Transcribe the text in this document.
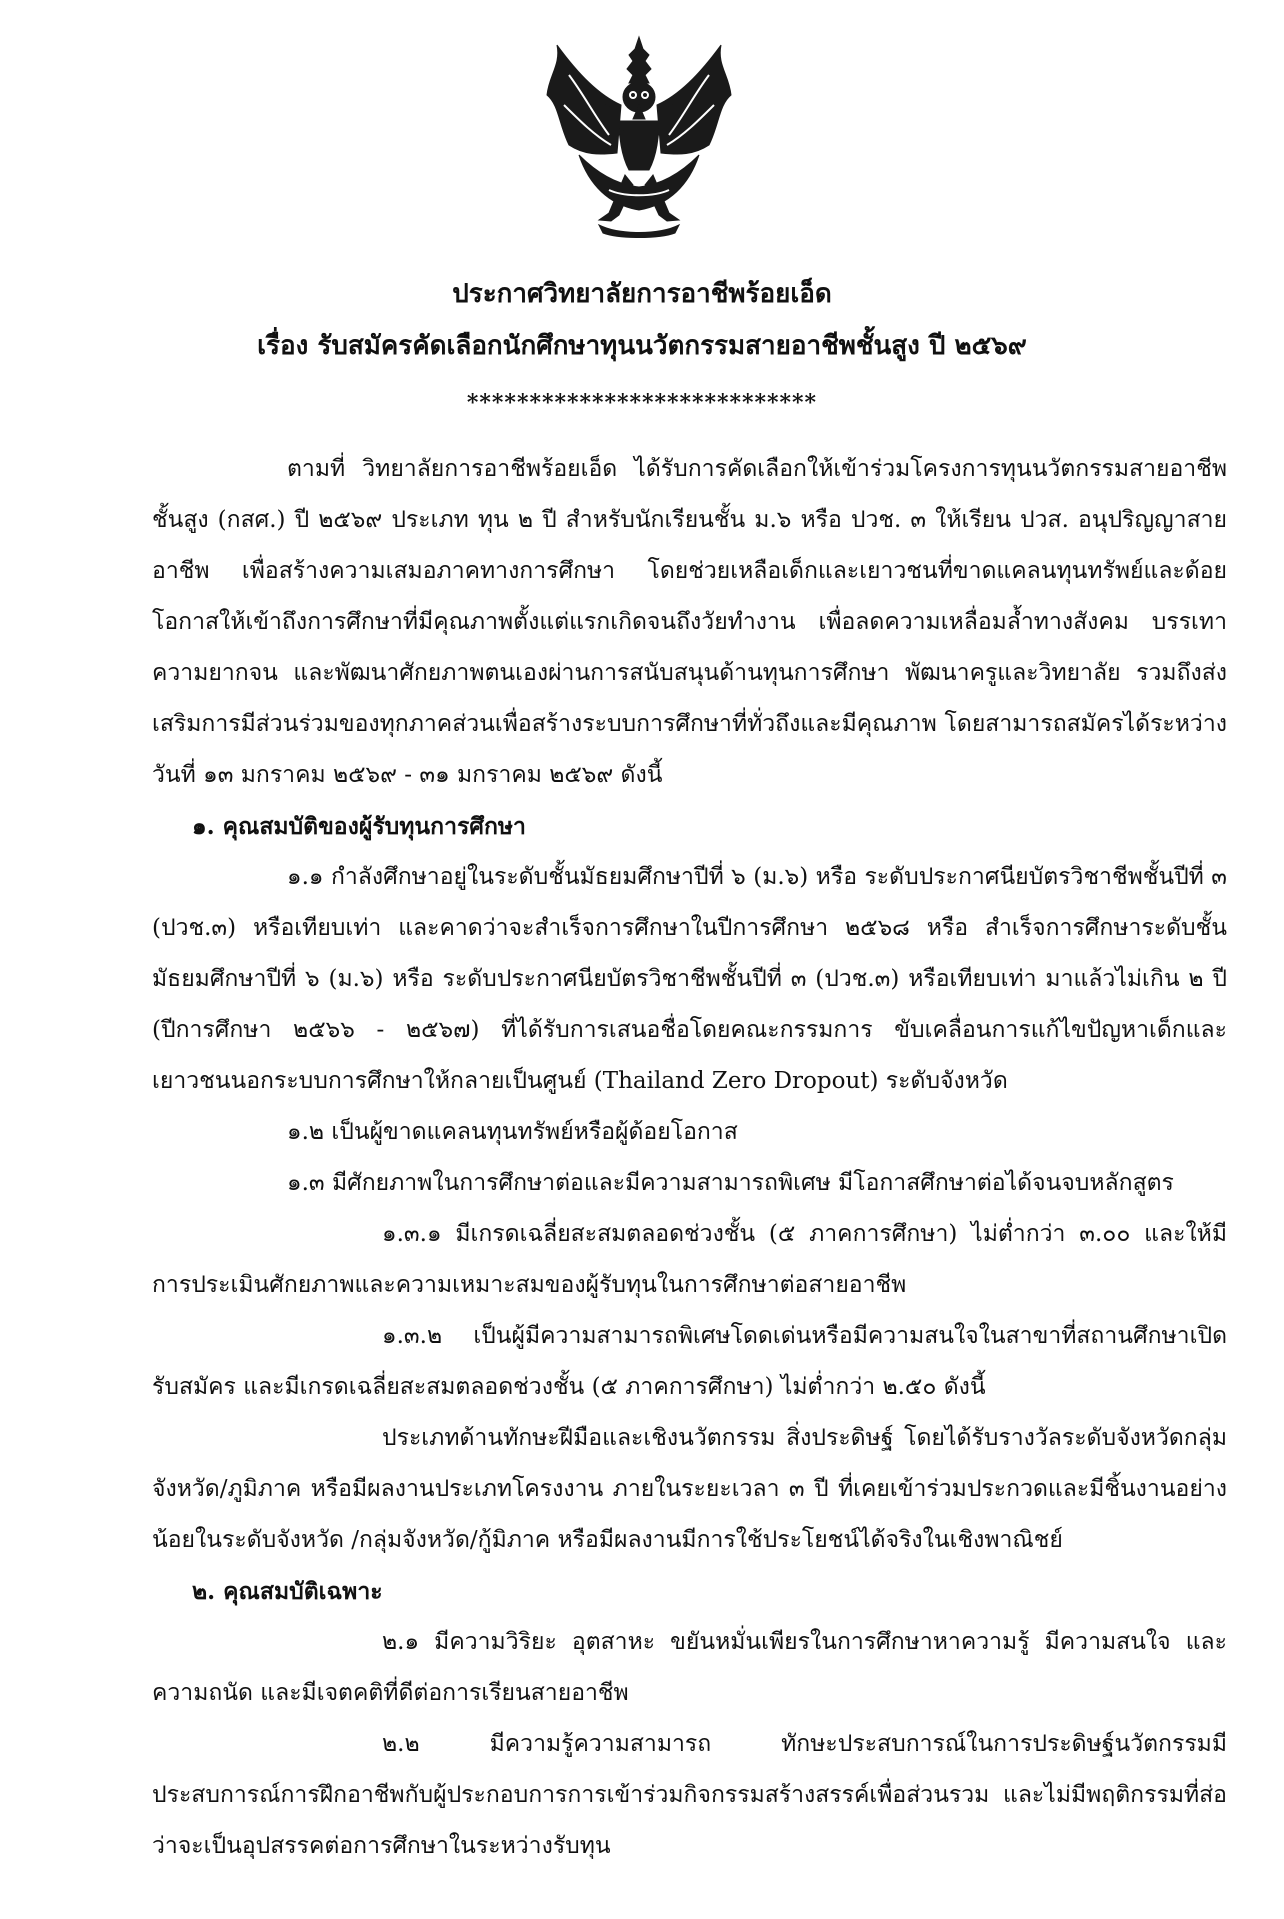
ประกาศวิทยาลัยการอาชีพร้อยเอ็ด
เรื่อง รับสมัครคัดเลือกนักศึกษาทุนนวัตกรรมสายอาชีพชั้นสูง ปี ๒๕๖๙
****************************

ตามที่ วิทยาลัยการอาชีพร้อยเอ็ด ได้รับการคัดเลือกให้เข้าร่วมโครงการทุนนวัตกรรมสายอาชีพชั้นสูง (กสศ.) ปี ๒๕๖๙ ประเภท ทุน ๒ ปี สำหรับนักเรียนชั้น ม.๖ หรือ ปวช. ๓ ให้เรียน ปวส. อนุปริญญาสายอาชีพ เพื่อสร้างความเสมอภาคทางการศึกษา โดยช่วยเหลือเด็กและเยาวชนที่ขาดแคลนทุนทรัพย์และด้อยโอกาสให้เข้าถึงการศึกษาที่มีคุณภาพตั้งแต่แรกเกิดจนถึงวัยทำงาน เพื่อลดความเหลื่อมล้ำทางสังคม บรรเทาความยากจน และพัฒนาศักยภาพตนเองผ่านการสนับสนุนด้านทุนการศึกษา พัฒนาครูและวิทยาลัย รวมถึงส่งเสริมการมีส่วนร่วมของทุกภาคส่วนเพื่อสร้างระบบการศึกษาที่ทั่วถึงและมีคุณภาพ โดยสามารถสมัครได้ระหว่างวันที่ ๑๓ มกราคม ๒๕๖๙ - ๓๑ มกราคม ๒๕๖๙ ดังนี้

๑. คุณสมบัติของผู้รับทุนการศึกษา

๑.๑ กำลังศึกษาอยู่ในระดับชั้นมัธยมศึกษาปีที่ ๖ (ม.๖) หรือ ระดับประกาศนียบัตรวิชาชีพชั้นปีที่ ๓ (ปวช.๓) หรือเทียบเท่า และคาดว่าจะสำเร็จการศึกษาในปีการศึกษา ๒๕๖๘ หรือ สำเร็จการศึกษาระดับชั้นมัธยมศึกษาปีที่ ๖ (ม.๖) หรือ ระดับประกาศนียบัตรวิชาชีพชั้นปีที่ ๓ (ปวช.๓) หรือเทียบเท่า มาแล้วไม่เกิน ๒ ปี (ปีการศึกษา ๒๕๖๖ - ๒๕๖๗) ที่ได้รับการเสนอชื่อโดยคณะกรรมการ ขับเคลื่อนการแก้ไขปัญหาเด็กและเยาวชนนอกระบบการศึกษาให้กลายเป็นศูนย์ (Thailand Zero Dropout) ระดับจังหวัด

๑.๒ เป็นผู้ขาดแคลนทุนทรัพย์หรือผู้ด้อยโอกาส

๑.๓ มีศักยภาพในการศึกษาต่อและมีความสามารถพิเศษ มีโอกาสศึกษาต่อได้จนจบหลักสูตร

๑.๓.๑ มีเกรดเฉลี่ยสะสมตลอดช่วงชั้น (๕ ภาคการศึกษา) ไม่ต่ำกว่า ๓.๐๐ และให้มีการประเมินศักยภาพและความเหมาะสมของผู้รับทุนในการศึกษาต่อสายอาชีพ

๑.๓.๒ เป็นผู้มีความสามารถพิเศษโดดเด่นหรือมีความสนใจในสาขาที่สถานศึกษาเปิดรับสมัคร และมีเกรดเฉลี่ยสะสมตลอดช่วงชั้น (๕ ภาคการศึกษา) ไม่ต่ำกว่า ๒.๕๐ ดังนี้

ประเภทด้านทักษะฝีมือและเชิงนวัตกรรม สิ่งประดิษฐ์ โดยได้รับรางวัลระดับจังหวัดกลุ่มจังหวัด/ภูมิภาค หรือมีผลงานประเภทโครงงาน ภายในระยะเวลา ๓ ปี ที่เคยเข้าร่วมประกวดและมีชิ้นงานอย่างน้อยในระดับจังหวัด /กลุ่มจังหวัด/กู้มิภาค หรือมีผลงานมีการใช้ประโยชน์ได้จริงในเชิงพาณิชย์

๒. คุณสมบัติเฉพาะ

๒.๑ มีความวิริยะ อุตสาหะ ขยันหมั่นเพียรในการศึกษาหาความรู้ มีความสนใจ และความถนัด และมีเจตคติที่ดีต่อการเรียนสายอาชีพ

๒.๒ มีความรู้ความสามารถ ทักษะประสบการณ์ในการประดิษฐ์นวัตกรรมมีประสบการณ์การฝึกอาชีพกับผู้ประกอบการการเข้าร่วมกิจกรรมสร้างสรรค์เพื่อส่วนรวม และไม่มีพฤติกรรมที่ส่อว่าจะเป็นอุปสรรคต่อการศึกษาในระหว่างรับทุน
